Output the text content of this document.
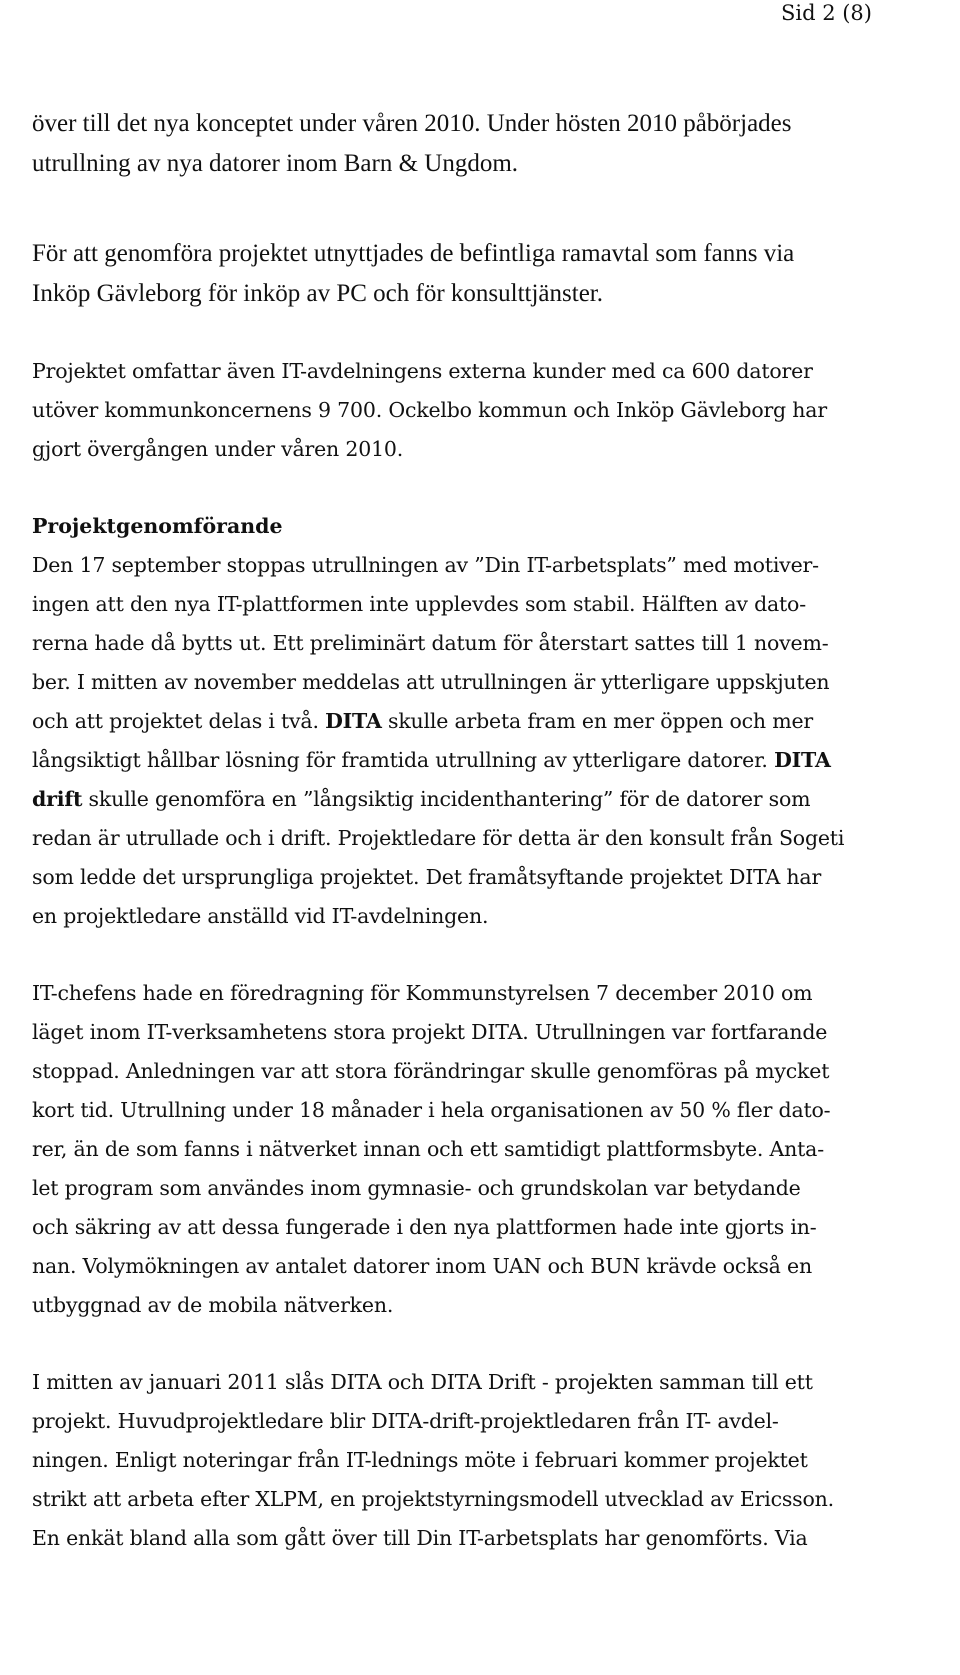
Sid 2 (8)

över till det nya konceptet under våren 2010. Under hösten 2010 påbörjades
utrullning av nya datorer inom Barn & Ungdom.

För att genomföra projektet utnyttjades de befintliga ramavtal som fanns via
Inköp Gävleborg för inköp av PC och för konsulttjänster.

Projektet omfattar även IT-avdelningens externa kunder med ca 600 datorer
utöver kommunkoncernens 9 700. Ockelbo kommun och Inköp Gävleborg har
gjort övergången under våren 2010.

Projektgenomförande

Den 17 september stoppas utrullningen av ”Din IT-arbetsplats” med motiver-
ingen att den nya IT-plattformen inte upplevdes som stabil. Hälften av dato-
rerna hade då bytts ut. Ett preliminärt datum för återstart sattes till 1 novem-
ber. I mitten av november meddelas att utrullningen är ytterligare uppskjuten
och att projektet delas i två. DITA skulle arbeta fram en mer öppen och mer
långsiktigt hållbar lösning för framtida utrullning av ytterligare datorer. DITA
drift skulle genomföra en ”långsiktig incidenthantering” för de datorer som
redan är utrullade och i drift. Projektledare för detta är den konsult från Sogeti
som ledde det ursprungliga projektet. Det framåtsyftande projektet DITA har
en projektledare anställd vid IT-avdelningen.

IT-chefens hade en föredragning för Kommunstyrelsen 7 december 2010 om
läget inom IT-verksamhetens stora projekt DITA. Utrullningen var fortfarande
stoppad. Anledningen var att stora förändringar skulle genomföras på mycket
kort tid. Utrullning under 18 månader i hela organisationen av 50 % fler dato-
rer, än de som fanns i nätverket innan och ett samtidigt plattformsbyte. Anta-
let program som användes inom gymnasie- och grundskolan var betydande
och säkring av att dessa fungerade i den nya plattformen hade inte gjorts in-
nan. Volymökningen av antalet datorer inom UAN och BUN krävde också en
utbyggnad av de mobila nätverken.

I mitten av januari 2011 slås DITA och DITA Drift - projekten samman till ett
projekt. Huvudprojektledare blir DITA-drift-projektledaren från IT- avdel-
ningen. Enligt noteringar från IT-lednings möte i februari kommer projektet
strikt att arbeta efter XLPM, en projektstyrningsmodell utvecklad av Ericsson.
En enkät bland alla som gått över till Din IT-arbetsplats har genomförts. Via
